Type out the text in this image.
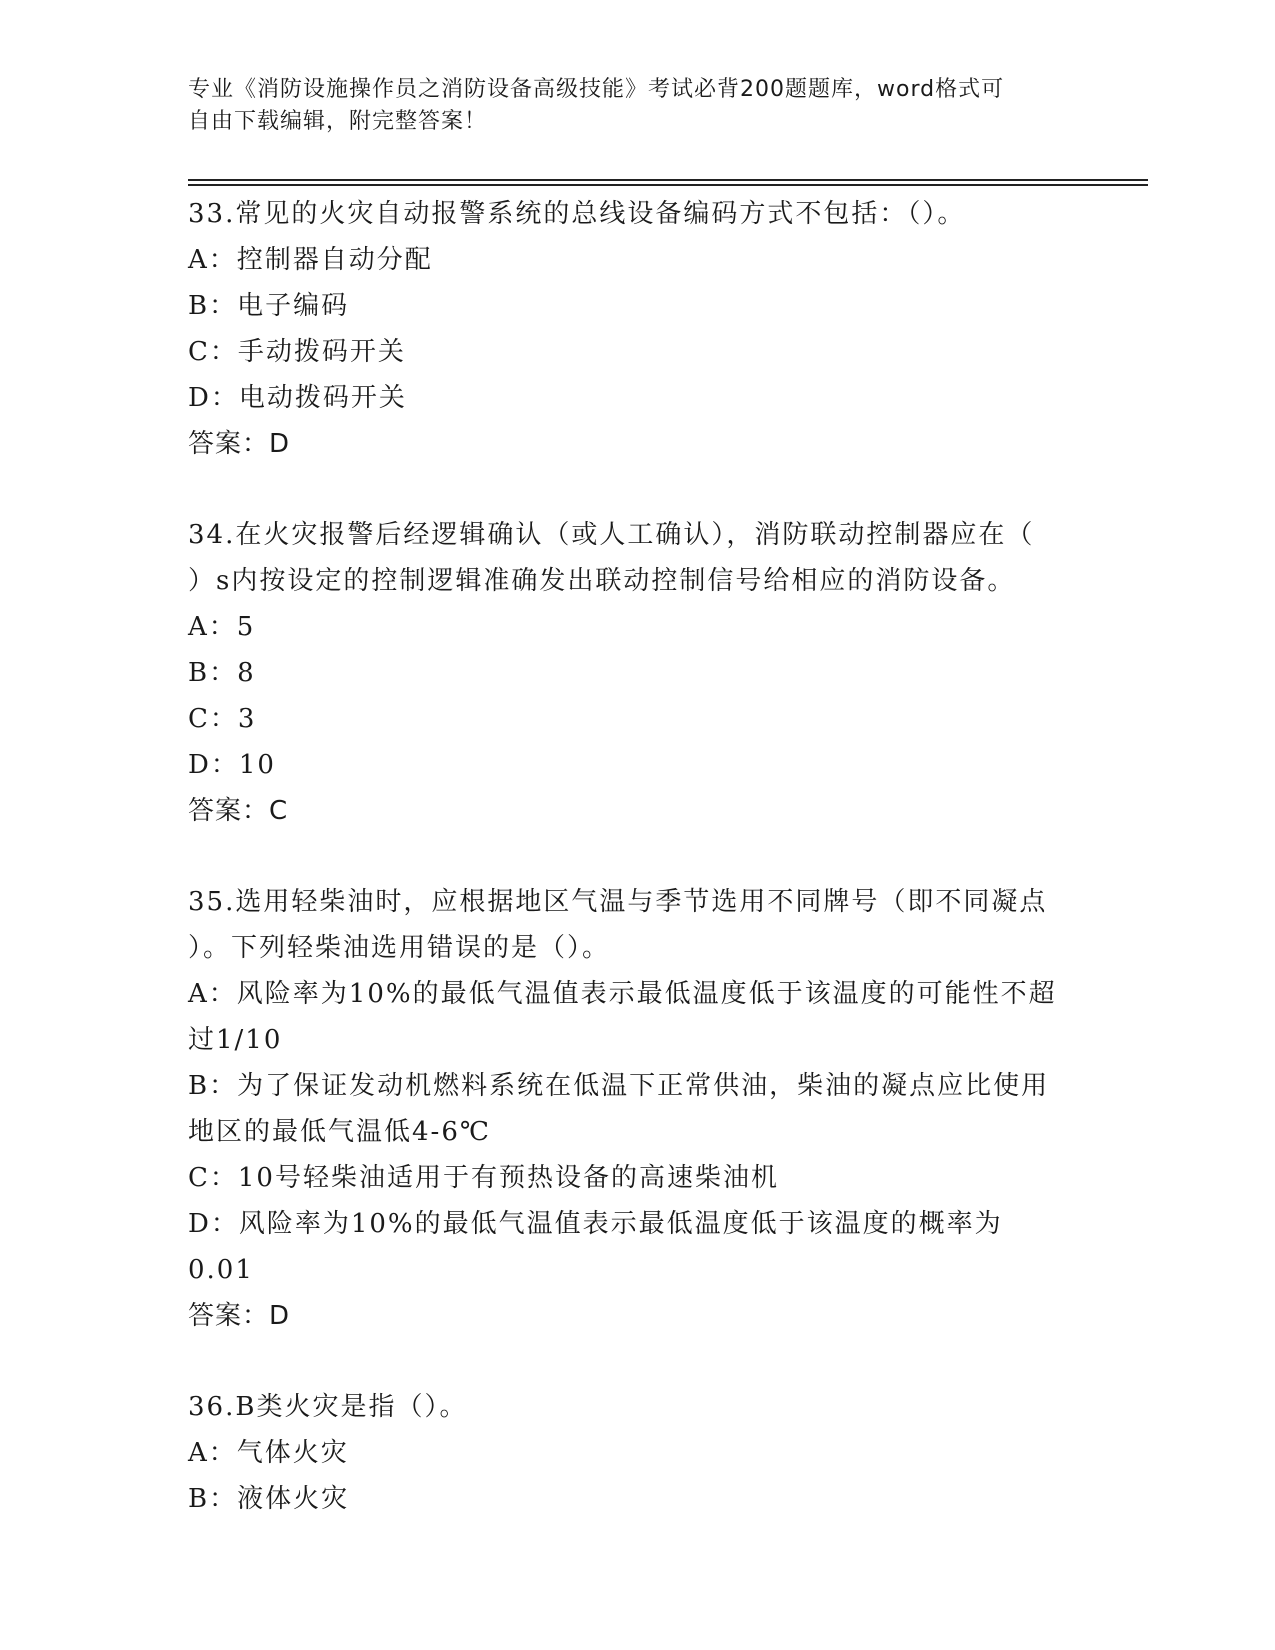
专业《消防设施操作员之消防设备高级技能》考试必背200题题库，word格式可
自由下载编辑，附完整答案！
33.常见的火灾自动报警系统的总线设备编码方式不包括：（）。
A：控制器自动分配
B：电子编码
C：手动拨码开关
D：电动拨码开关
答案：D
34.在火灾报警后经逻辑确认（或人工确认），消防联动控制器应在（
）s内按设定的控制逻辑准确发出联动控制信号给相应的消防设备。
A：5
B：8
C：3
D：10
答案：C
35.选用轻柴油时，应根据地区气温与季节选用不同牌号（即不同凝点
）。下列轻柴油选用错误的是（）。
A：风险率为10%的最低气温值表示最低温度低于该温度的可能性不超
过1/10
B：为了保证发动机燃料系统在低温下正常供油，柴油的凝点应比使用
地区的最低气温低4-6℃
C：10号轻柴油适用于有预热设备的高速柴油机
D：风险率为10%的最低气温值表示最低温度低于该温度的概率为0.01
答案：D
36.B类火灾是指（）。
A：气体火灾
B：液体火灾
